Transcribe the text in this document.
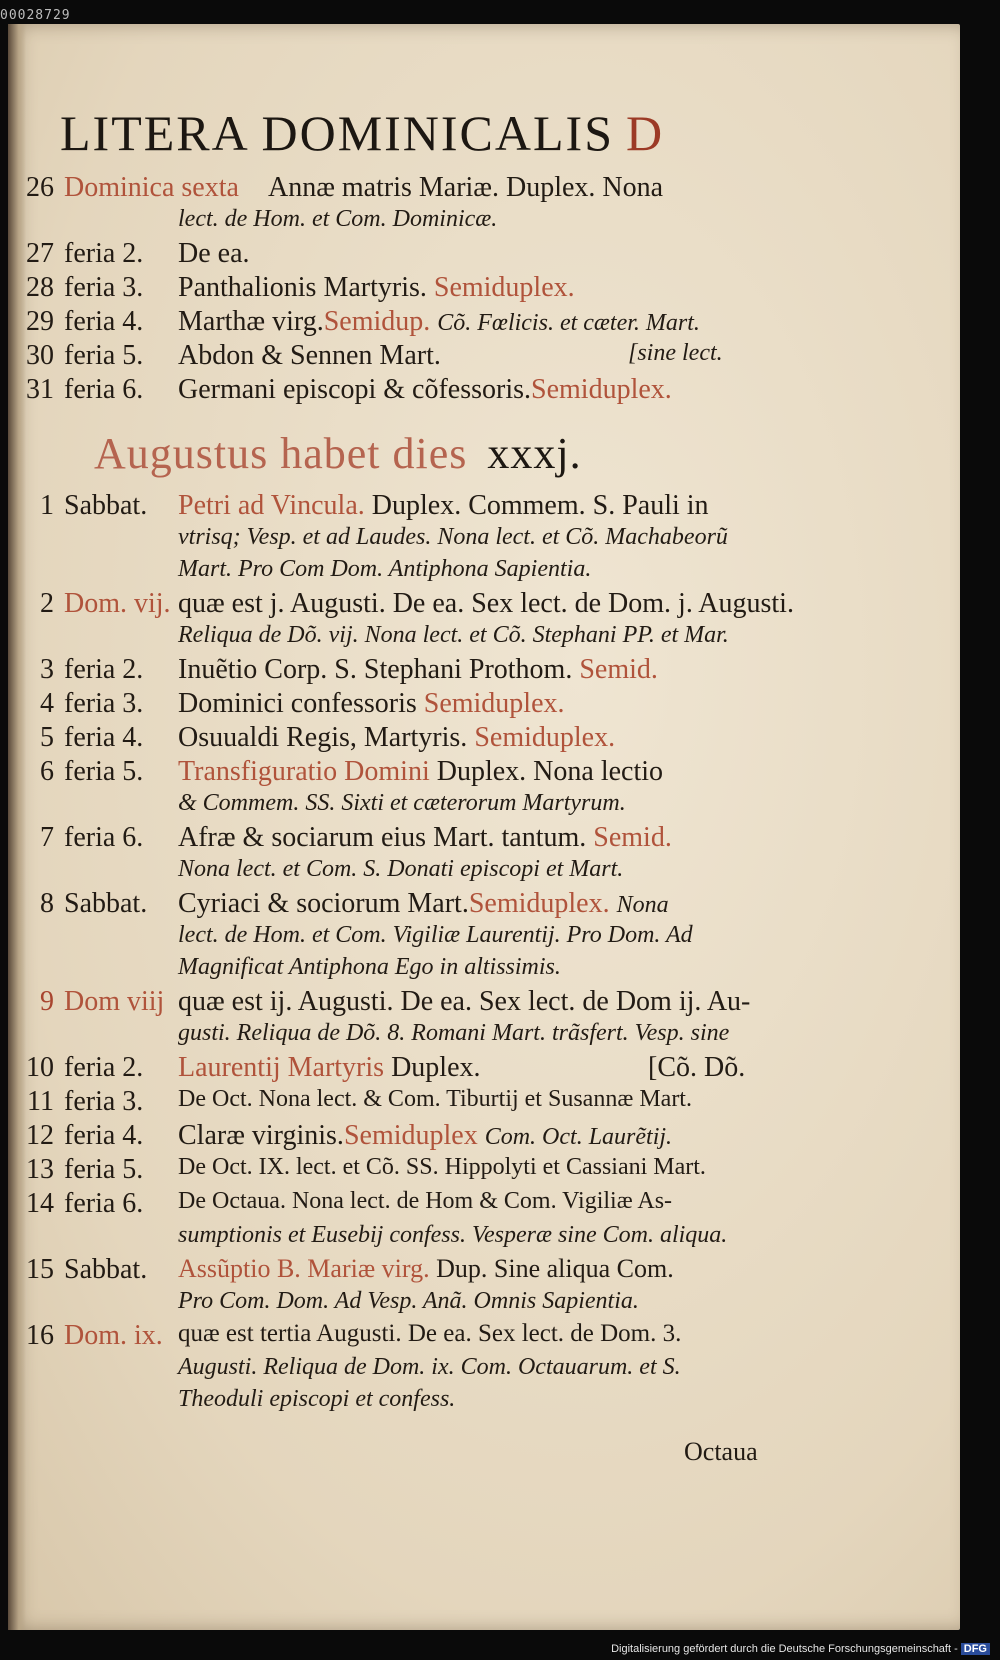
00028729
LITERA DOMINICALIS D
26 Dominica sexta Annæ matris Mariæ. Duplex. Nona
lect. de Hom. et Com. Dominicæ.
27 feria 2. De ea.
28 feria 3. Panthalionis Martyris. Semiduplex.
29 feria 4. Marthæ virg.Semidup. Cõ. Fœlicis. et cæter. Mart.
30 feria 5. Abdon & Sennen Mart.	[sine lect.
31 feria 6. Germani episcopi & cõfessoris.Semiduplex.
Augustus habet dies xxxj.
1 Sabbat. Petri ad Vincula. Duplex. Commem. S. Pauli in
vtrisq; Vesp. et ad Laudes. Nona lect. et Cõ. Machabeorũ
Mart. Pro Com Dom. Antiphona Sapientia.
2 Dom. vij. quæ est j. Augusti. De ea. Sex lect. de Dom. j. Augusti.
Reliqua de Dõ. vij. Nona lect. et Cõ. Stephani PP. et Mar.
3 feria 2. Inuẽtio Corp. S. Stephani Prothom. Semid.
4 feria 3. Dominici confessoris Semiduplex.
5 feria 4. Osuualdi Regis, Martyris. Semiduplex.
6 feria 5. Transfiguratio Domini Duplex. Nona lectio
& Commem. SS. Sixti et cæterorum Martyrum.
7 feria 6. Afræ & sociarum eius Mart. tantum. Semid.
Nona lect. et Com. S. Donati episcopi et Mart.
8 Sabbat. Cyriaci & sociorum Mart.Semiduplex. Nona
lect. de Hom. et Com. Vigiliæ Laurentij. Pro Dom. Ad
Magnificat Antiphona Ego in altissimis.
9 Dom viij quæ est ij. Augusti. De ea. Sex lect. de Dom ij. Au-
gusti. Reliqua de Dõ. 8. Romani Mart. trãsfert. Vesp. sine
10 feria 2. Laurentij Martyris Duplex.	[Cõ. Dõ.
11 feria 3. De Oct. Nona lect. & Com. Tiburtij et Susannæ Mart.
12 feria 4. Claræ virginis.Semiduplex Com. Oct. Laurẽtij.
13 feria 5. De Oct. IX. lect. et Cõ. SS. Hippolyti et Cassiani Mart.
14 feria 6. De Octaua. Nona lect. de Hom & Com. Vigiliæ As-
sumptionis et Eusebij confess. Vesperæ sine Com. aliqua.
15 Sabbat. Assũptio B. Mariæ virg. Dup. Sine aliqua Com.
Pro Com. Dom. Ad Vesp. Anã. Omnis Sapientia.
16 Dom. ix. quæ est tertia Augusti. De ea. Sex lect. de Dom. 3.
Augusti. Reliqua de Dom. ix. Com. Octauarum. et S.
Theoduli episcopi et confess.
Octaua
Digitalisierung gefördert durch die Deutsche Forschungsgemeinschaft - DFG
